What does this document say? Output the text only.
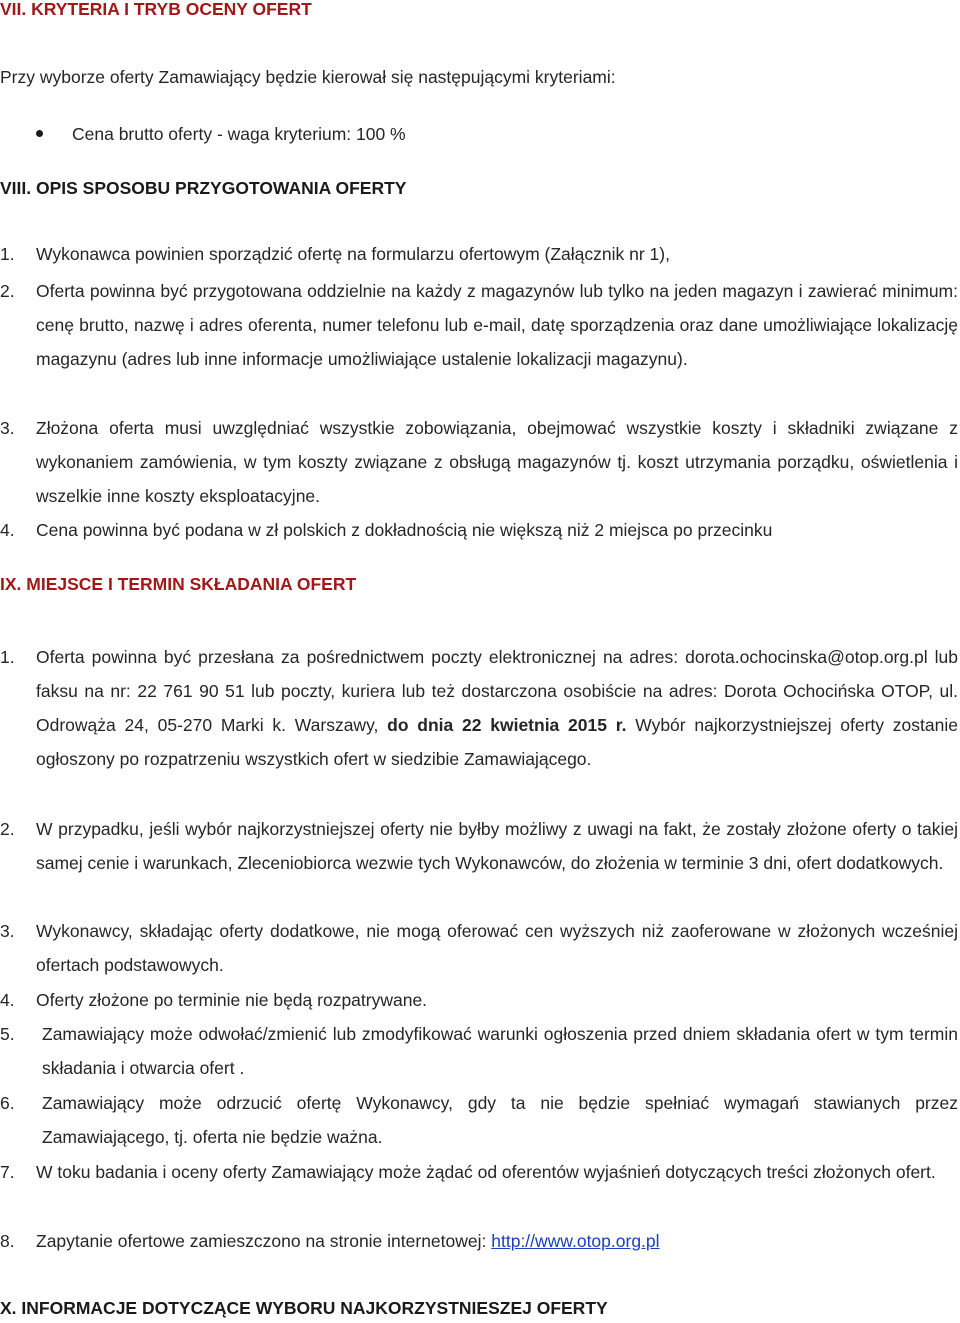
VII. KRYTERIA I TRYB OCENY OFERT
Przy wyborze oferty Zamawiający będzie kierował się następującymi kryteriami:
Cena brutto oferty - waga kryterium: 100 %
VIII. OPIS SPOSOBU PRZYGOTOWANIA OFERTY
1. Wykonawca powinien sporządzić ofertę na formularzu ofertowym (Załącznik nr 1),
2. Oferta powinna być przygotowana oddzielnie na każdy z magazynów lub tylko na jeden magazyn i zawierać minimum: cenę brutto, nazwę i adres oferenta, numer telefonu lub e-mail, datę sporządzenia oraz dane umożliwiające lokalizację magazynu (adres lub inne informacje umożliwiające ustalenie lokalizacji magazynu).
3. Złożona oferta musi uwzględniać wszystkie zobowiązania, obejmować wszystkie koszty i składniki związane z wykonaniem zamówienia, w tym koszty związane z obsługą magazynów tj. koszt utrzymania porządku, oświetlenia i wszelkie inne koszty eksploatacyjne.
4. Cena powinna być podana w zł polskich z dokładnością nie większą niż 2 miejsca po przecinku
IX. MIEJSCE I TERMIN SKŁADANIA OFERT
1. Oferta powinna być przesłana za pośrednictwem poczty elektronicznej na adres: dorota.ochocinska@otop.org.pl lub faksu na nr: 22 761 90 51 lub poczty, kuriera lub też dostarczona osobiście na adres: Dorota Ochocińska OTOP, ul. Odrowąża 24, 05-270 Marki k. Warszawy, do dnia 22 kwietnia 2015 r. Wybór najkorzystniejszej oferty zostanie ogłoszony po rozpatrzeniu wszystkich ofert w siedzibie Zamawiającego.
2. W przypadku, jeśli wybór najkorzystniejszej oferty nie byłby możliwy z uwagi na fakt, że zostały złożone oferty o takiej samej cenie i warunkach, Zleceniobiorca wezwie tych Wykonawców, do złożenia w terminie 3 dni, ofert dodatkowych.
3. Wykonawcy, składając oferty dodatkowe, nie mogą oferować cen wyższych niż zaoferowane w złożonych wcześniej ofertach podstawowych.
4. Oferty złożone po terminie nie będą rozpatrywane.
5. Zamawiający może odwołać/zmienić lub zmodyfikować warunki ogłoszenia przed dniem składania ofert w tym termin składania i otwarcia ofert .
6. Zamawiający może odrzucić ofertę Wykonawcy, gdy ta nie będzie spełniać wymagań stawianych przez Zamawiającego, tj. oferta nie będzie ważna.
7. W toku badania i oceny oferty Zamawiający może żądać od oferentów wyjaśnień dotyczących treści złożonych ofert.
8. Zapytanie ofertowe zamieszczono na stronie internetowej: http://www.otop.org.pl
X. INFORMACJE DOTYCZĄCE WYBORU NAJKORZYSTNIESZEJ OFERTY
